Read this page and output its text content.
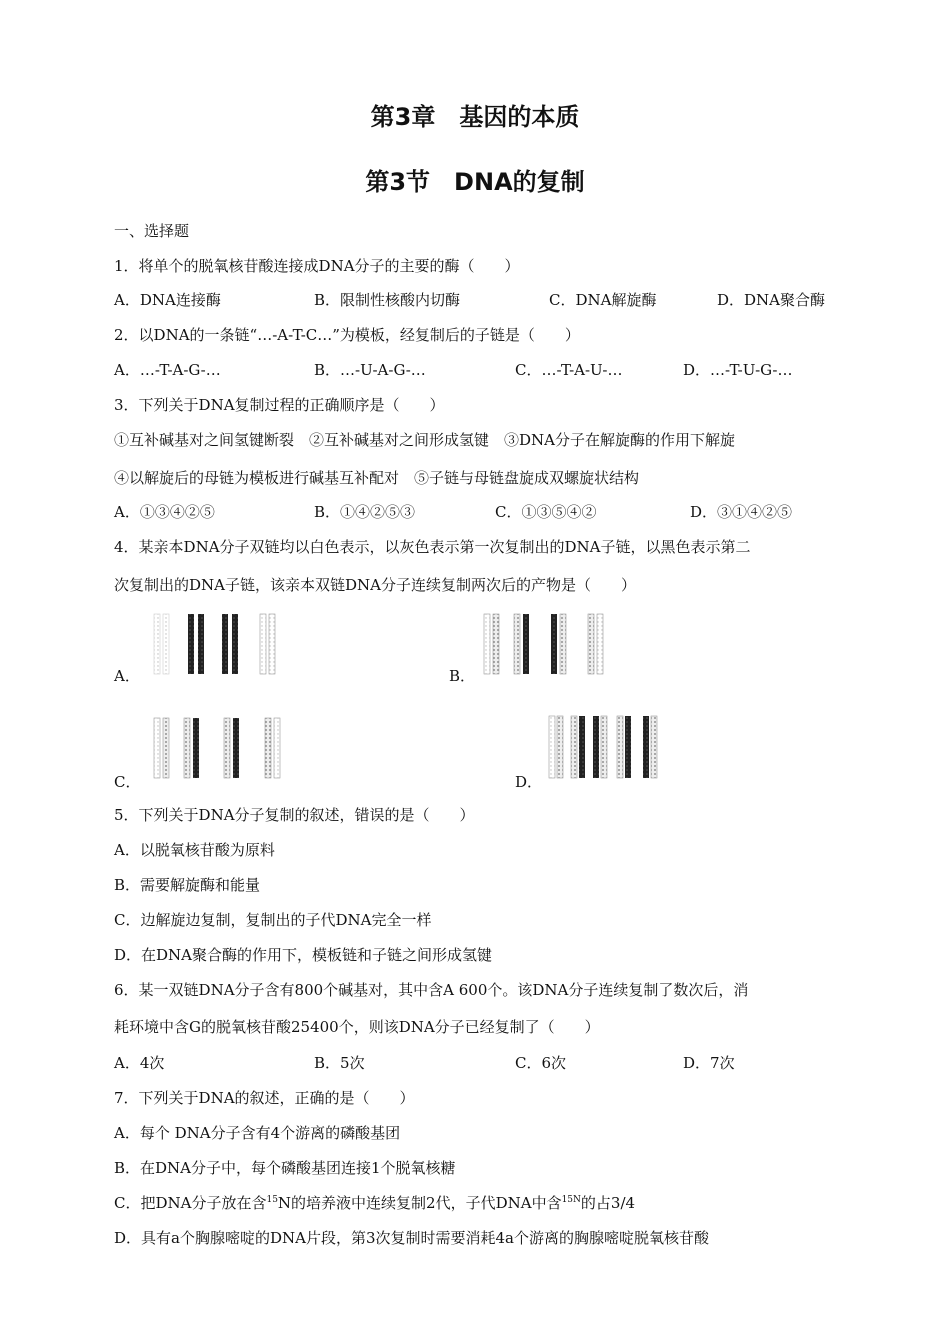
第3章　基因的本质
第3节　DNA的复制
一、选择题
1．将单个的脱氧核苷酸连接成DNA分子的主要的酶（　　）
A．DNA连接酶	B．限制性核酸内切酶	C．DNA解旋酶	D．DNA聚合酶
2．以DNA的一条链“…-A-T-C…”为模板，经复制后的子链是（　　）
A．…-T-A-G-…	B．…-U-A-G-…	C．…-T-A-U-…	D．…-T-U-G-…
3．下列关于DNA复制过程的正确顺序是（　　）
①互补碱基对之间氢键断裂　②互补碱基对之间形成氢键　③DNA分子在解旋酶的作用下解旋
④以解旋后的母链为模板进行碱基互补配对　⑤子链与母链盘旋成双螺旋状结构
A．①③④②⑤	B．①④②⑤③	C．①③⑤④②	D．③①④②⑤
4．某亲本DNA分子双链均以白色表示，以灰色表示第一次复制出的DNA子链，以黑色表示第二
次复制出的DNA子链，该亲本双链DNA分子连续复制两次后的产物是（　　）
A．	B．
C．	D．
5．下列关于DNA分子复制的叙述，错误的是（　　）
A．以脱氧核苷酸为原料
B．需要解旋酶和能量
C．边解旋边复制，复制出的子代DNA完全一样
D．在DNA聚合酶的作用下，模板链和子链之间形成氢键
6．某一双链DNA分子含有800个碱基对，其中含A 600个。该DNA分子连续复制了数次后，消
耗环境中含G的脱氧核苷酸25400个，则该DNA分子已经复制了（　　）
A．4次	B．5次	C．6次	D．7次
7．下列关于DNA的叙述，正确的是（　　）
A．每个 DNA分子含有4个游离的磷酸基团
B．在DNA分子中，每个磷酸基团连接1个脱氧核糖
C．把DNA分子放在含$^{15}$N的培养液中连续复制2代，子代DNA中含$^{15N}$的占3/4
D．具有a个胸腺嘧啶的DNA片段，第3次复制时需要消耗4a个游离的胸腺嘧啶脱氧核苷酸
